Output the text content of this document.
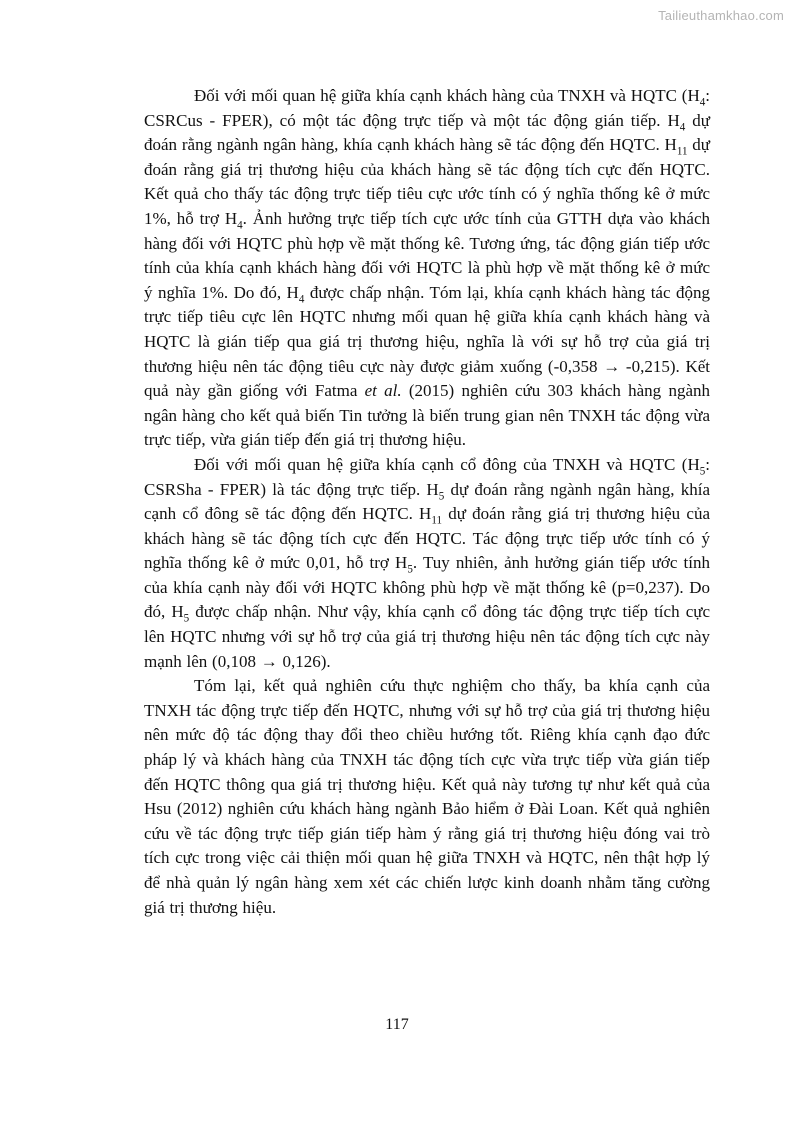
Tailieuthamkhao.com

Đối với mối quan hệ giữa khía cạnh khách hàng của TNXH và HQTC ($H_4$: CSRCus - FPER), có một tác động trực tiếp và một tác động gián tiếp. $H_4$ dự đoán rằng ngành ngân hàng, khía cạnh khách hàng sẽ tác động đến HQTC. $H_{11}$ dự đoán rằng giá trị thương hiệu của khách hàng sẽ tác động tích cực đến HQTC. Kết quả cho thấy tác động trực tiếp tiêu cực ước tính có ý nghĩa thống kê ở mức 1%, hỗ trợ $H_4$. Ảnh hưởng trực tiếp tích cực ước tính của GTTH dựa vào khách hàng đối với HQTC phù hợp về mặt thống kê. Tương ứng, tác động gián tiếp ước tính của khía cạnh khách hàng đối với HQTC là phù hợp về mặt thống kê ở mức ý nghĩa 1%. Do đó, $H_4$ được chấp nhận. Tóm lại, khía cạnh khách hàng tác động trực tiếp tiêu cực lên HQTC nhưng mối quan hệ giữa khía cạnh khách hàng và HQTC là gián tiếp qua giá trị thương hiệu, nghĩa là với sự hỗ trợ của giá trị thương hiệu nên tác động tiêu cực này được giảm xuống (-0,358 → -0,215). Kết quả này gần giống với Fatma et al. (2015) nghiên cứu 303 khách hàng ngành ngân hàng cho kết quả biến Tin tưởng là biến trung gian nên TNXH tác động vừa trực tiếp, vừa gián tiếp đến giá trị thương hiệu.

Đối với mối quan hệ giữa khía cạnh cổ đông của TNXH và HQTC ($H_5$: CSRSha - FPER) là tác động trực tiếp. $H_5$ dự đoán rằng ngành ngân hàng, khía cạnh cổ đông sẽ tác động đến HQTC. $H_{11}$ dự đoán rằng giá trị thương hiệu của khách hàng sẽ tác động tích cực đến HQTC. Tác động trực tiếp ước tính có ý nghĩa thống kê ở mức 0,01, hỗ trợ $H_5$. Tuy nhiên, ảnh hưởng gián tiếp ước tính của khía cạnh này đối với HQTC không phù hợp về mặt thống kê (p=0,237). Do đó, $H_5$ được chấp nhận. Như vậy, khía cạnh cổ đông tác động trực tiếp tích cực lên HQTC nhưng với sự hỗ trợ của giá trị thương hiệu nên tác động tích cực này mạnh lên (0,108 → 0,126).

Tóm lại, kết quả nghiên cứu thực nghiệm cho thấy, ba khía cạnh của TNXH tác động trực tiếp đến HQTC, nhưng với sự hỗ trợ của giá trị thương hiệu nên mức độ tác động thay đổi theo chiều hướng tốt. Riêng khía cạnh đạo đức pháp lý và khách hàng của TNXH tác động tích cực vừa trực tiếp vừa gián tiếp đến HQTC thông qua giá trị thương hiệu. Kết quả này tương tự như kết quả của Hsu (2012) nghiên cứu khách hàng ngành Bảo hiểm ở Đài Loan. Kết quả nghiên cứu về tác động trực tiếp gián tiếp hàm ý rằng giá trị thương hiệu đóng vai trò tích cực trong việc cải thiện mối quan hệ giữa TNXH và HQTC, nên thật hợp lý để nhà quản lý ngân hàng xem xét các chiến lược kinh doanh nhằm tăng cường giá trị thương hiệu.

117
